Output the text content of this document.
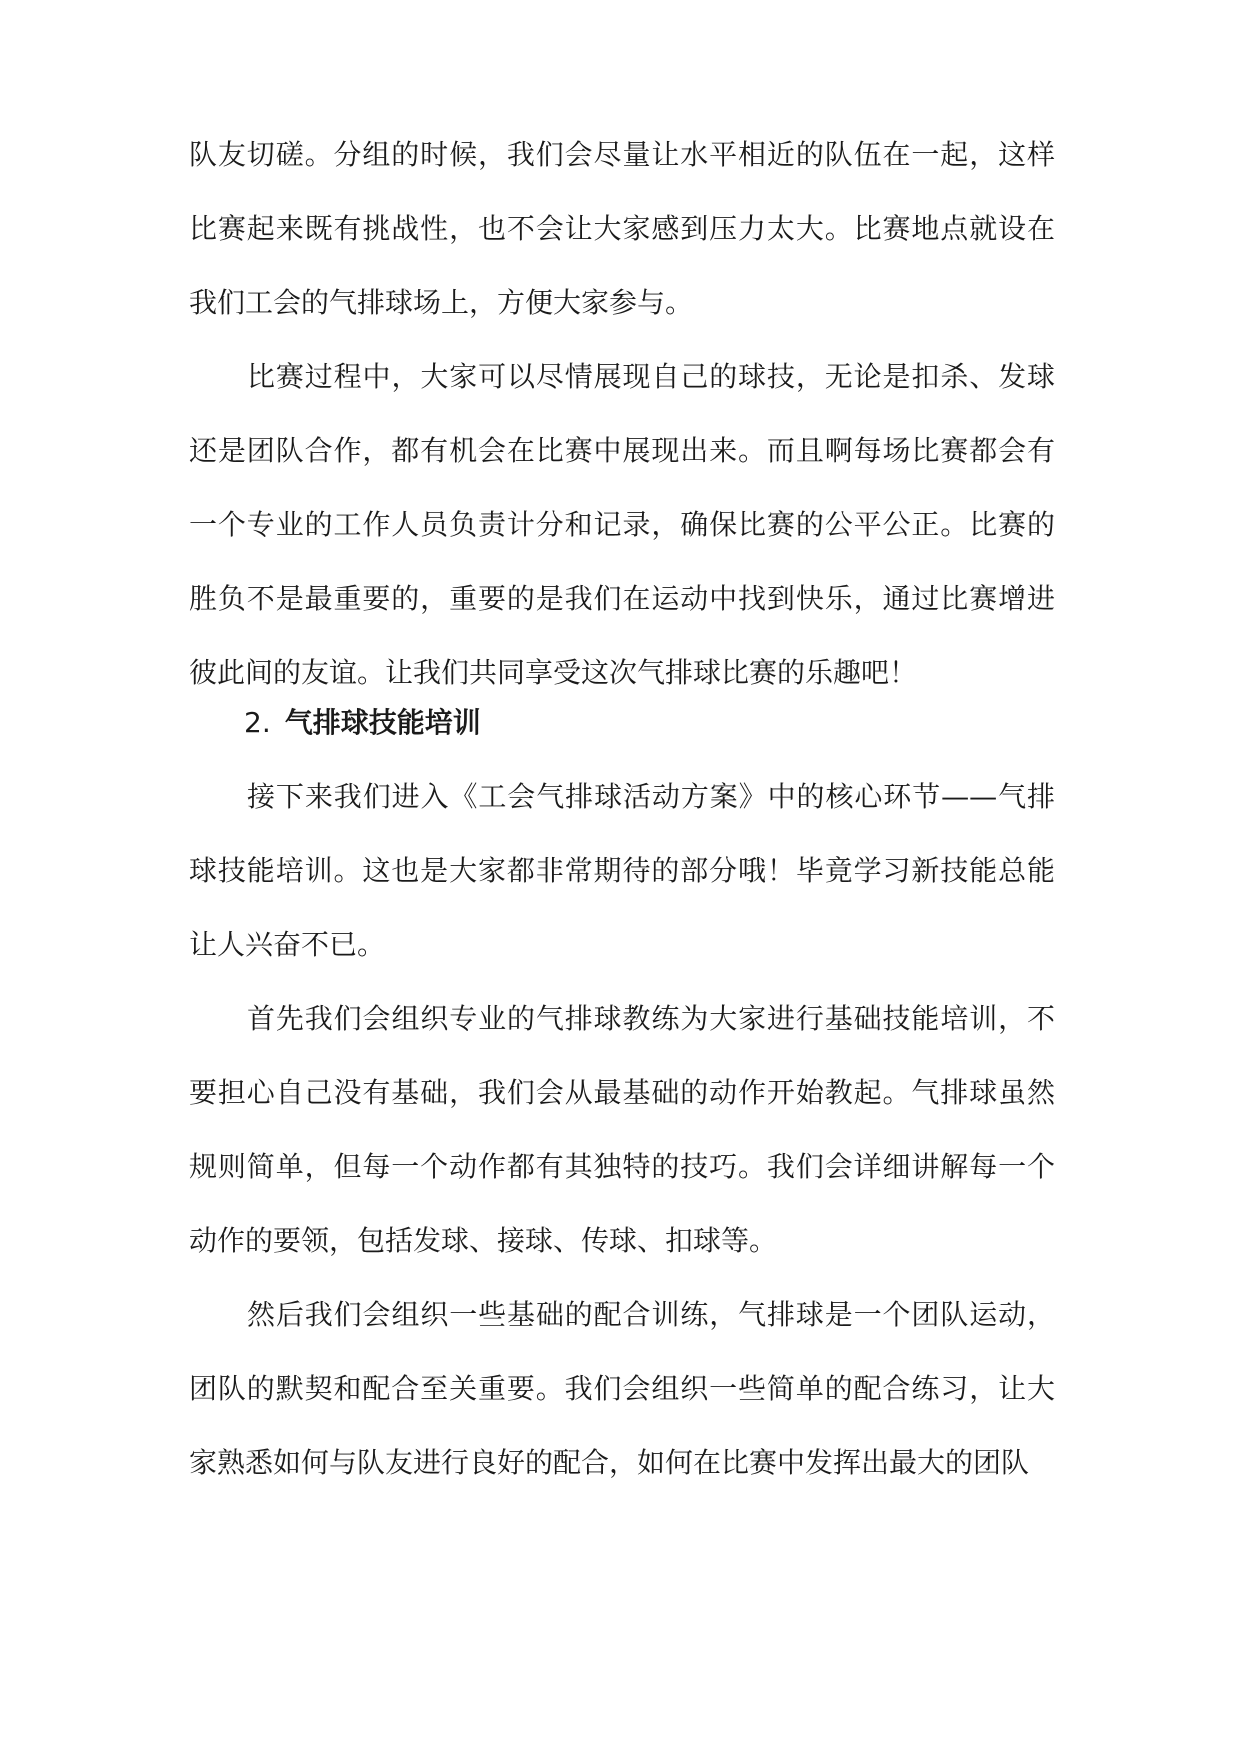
队友切磋。分组的时候，我们会尽量让水平相近的队伍在一起，这样比赛起来既有挑战性，也不会让大家感到压力太大。比赛地点就设在我们工会的气排球场上，方便大家参与。

比赛过程中，大家可以尽情展现自己的球技，无论是扣杀、发球还是团队合作，都有机会在比赛中展现出来。而且啊每场比赛都会有一个专业的工作人员负责计分和记录，确保比赛的公平公正。比赛的胜负不是最重要的，重要的是我们在运动中找到快乐，通过比赛增进彼此间的友谊。让我们共同享受这次气排球比赛的乐趣吧！

2. 气排球技能培训

接下来我们进入《工会气排球活动方案》中的核心环节——气排球技能培训。这也是大家都非常期待的部分哦！毕竟学习新技能总能让人兴奋不已。

首先我们会组织专业的气排球教练为大家进行基础技能培训，不要担心自己没有基础，我们会从最基础的动作开始教起。气排球虽然规则简单，但每一个动作都有其独特的技巧。我们会详细讲解每一个动作的要领，包括发球、接球、传球、扣球等。

然后我们会组织一些基础的配合训练，气排球是一个团队运动，团队的默契和配合至关重要。我们会组织一些简单的配合练习，让大家熟悉如何与队友进行良好的配合，如何在比赛中发挥出最大的团队
